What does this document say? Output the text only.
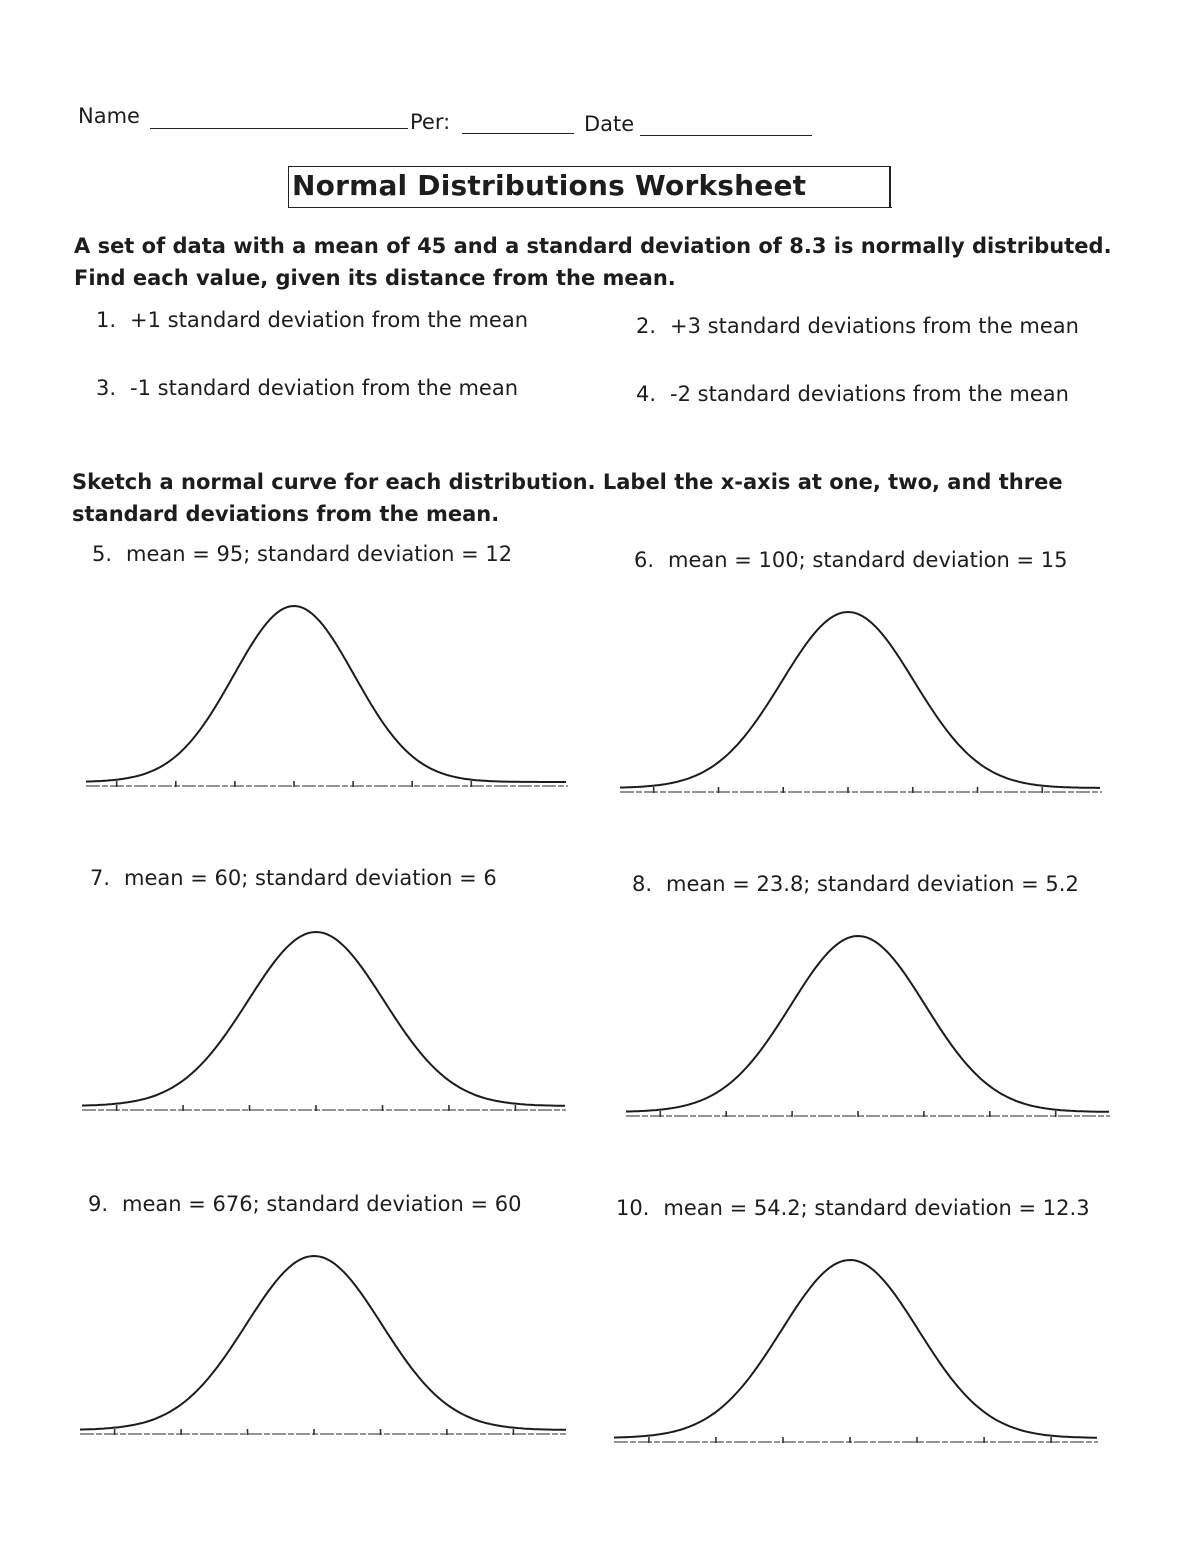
Name	Per:	Date
Normal Distributions Worksheet
A set of data with a mean of 45 and a standard deviation of 8.3 is normally distributed.
Find each value, given its distance from the mean.
1. +1 standard deviation from the mean	2. +3 standard deviations from the mean
3. -1 standard deviation from the mean	4. -2 standard deviations from the mean
Sketch a normal curve for each distribution. Label the x-axis at one, two, and three
standard deviations from the mean.
5. mean = 95; standard deviation = 12	6. mean = 100; standard deviation = 15
7. mean = 60; standard deviation = 6	8. mean = 23.8; standard deviation = 5.2
9. mean = 676; standard deviation = 60	10. mean = 54.2; standard deviation = 12.3
